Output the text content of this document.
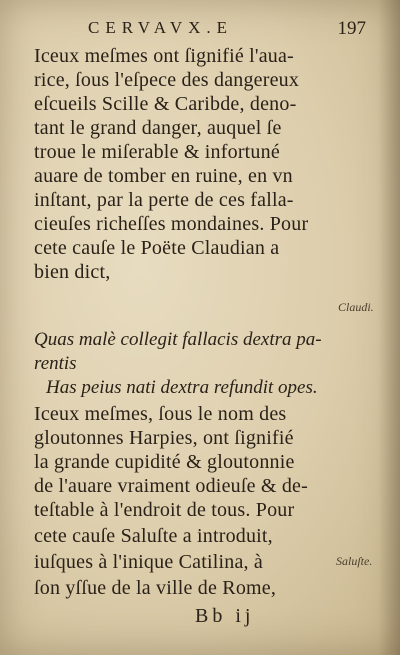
CERVAVX.E	197
Iceux meſmes ont ſignifié l'aua-
rice, ſous l'eſpece des dangereux
eſcueils Scille & Caribde, deno-
tant le grand danger, auquel ſe
troue le miſerable & infortuné
auare de tomber en ruine, en vn
inſtant, par la perte de ces falla-
cieuſes richeſſes mondaines. Pour
cete cauſe le Poëte Claudian a
bien dict,
Claudi.
Quas malè collegit fallacis dextra pa-
rentis
Has peius nati dextra refundit opes.
Iceux meſmes, ſous le nom des
gloutonnes Harpies, ont ſignifié
la grande cupidité & gloutonnie
de l'auare vraiment odieuſe & de-
teſtable à l'endroit de tous. Pour
cete cauſe Saluſte a introduit,
iuſques à l'inique Catilina, à
ſon yſſue de la ville de Rome,
Saluſte.
Bb ij
